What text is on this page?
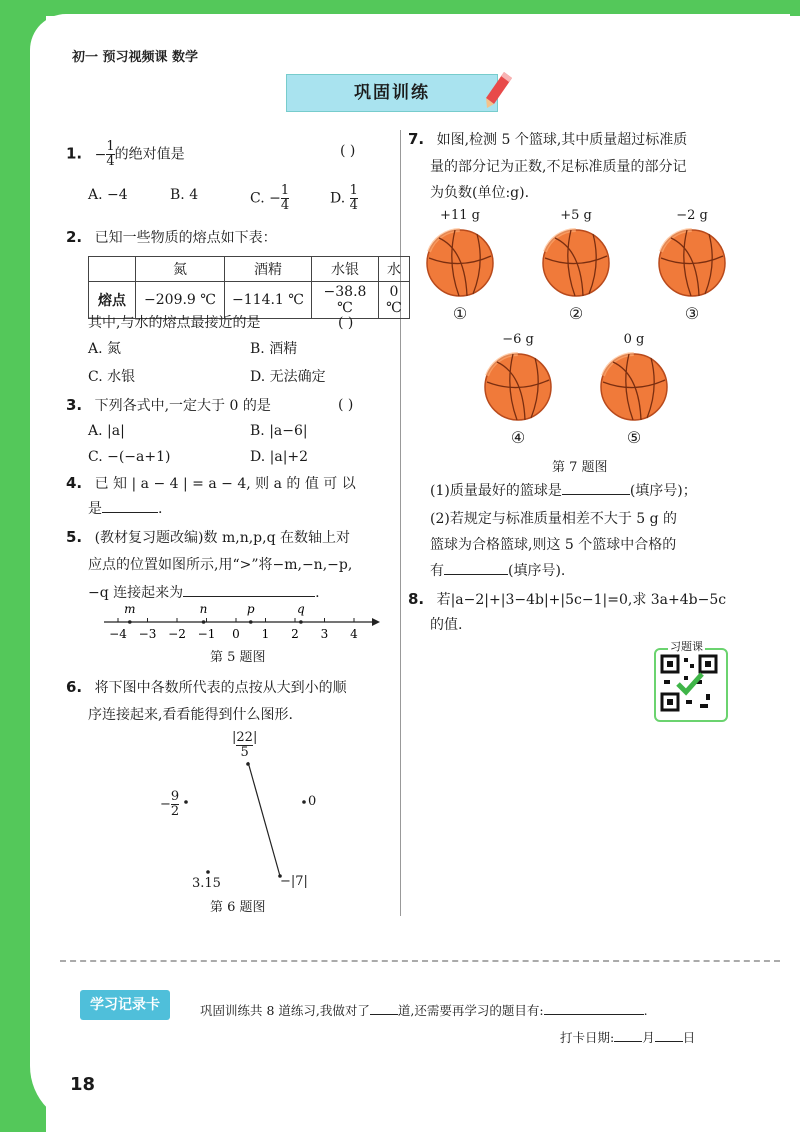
初一 预习视频课 数学
巩固训练
1. − $\frac{1}{4}$ 的绝对值是	( )
A. −4	B. 4	C. − $\frac{1}{4}$	D. $\frac{1}{4}$
2. 已知一些物质的熔点如下表：
	氮	酒精	水银	水
熔点	−209.9 ℃	−114.1 ℃	−38.8 ℃	0 ℃
其中,与水的熔点最接近的是	( )
A. 氮	B. 酒精
C. 水银	D. 无法确定
3. 下列各式中,一定大于 0 的是	( )
A. |a|	B. |a−6|
C. −(−a+1)	D. |a|+2
4. 已 知 | a − 4 | = a − 4, 则 a 的 值 可 以
是	.
5. (教材复习题改编)数 m,n,p,q 在数轴上对
应点的位置如图所示,用“>”将−m,−n,−p,
−q 连接起来为	.
−4 −3 −2 −1 0 1 2 3 4
m	n	p	q
第 5 题图
6. 将下图中各数所代表的点按从大到小的顺
序连接起来,看看能得到什么图形.
|22|
5
− $\frac{9}{2}$	0
3.15	−|7|
第 6 题图
7. 如图,检测 5 个篮球,其中质量超过标准质
量的部分记为正数,不足标准质量的部分记
为负数(单位:g).
+11 g
①
+5 g
②
−2 g
③
−6 g
④
0 g
⑤
第 7 题图
(1)质量最好的篮球是	(填序号)；
(2)若规定与标准质量相差不大于 5 g 的
篮球为合格篮球,则这 5 个篮球中合格的
有	(填序号).
8. 若|a−2|+|3−4b|+|5c−1|=0,求 3a+4b−5c
的值.
习题课
学习记录卡	巩固训练共 8 道练习,我做对了 道,还需要再学习的题目有:	.
打卡日期: 月 日
18
